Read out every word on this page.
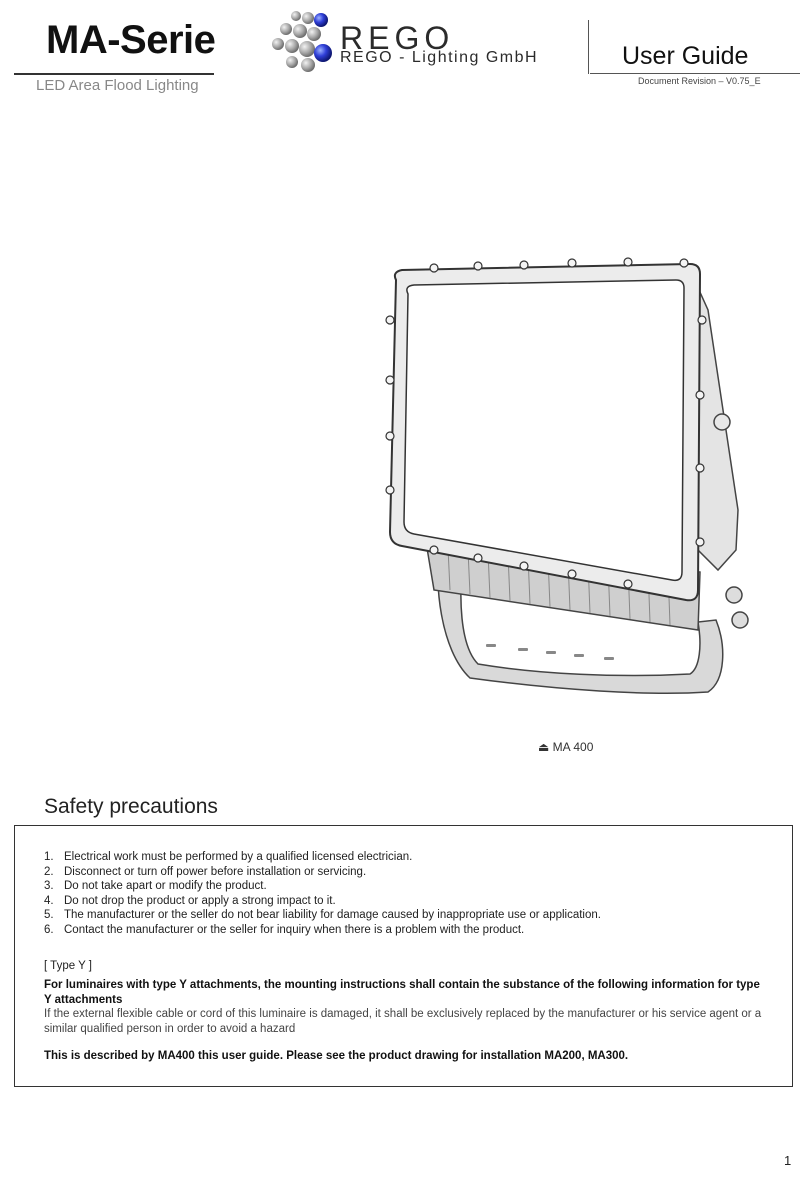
MA-Serie
LED Area Flood Lighting
REGO
REGO - Lighting GmbH	User Guide
Document Revision – V0.75_E
⏏ MA 400
Safety precautions
1. Electrical work must be performed by a qualified licensed electrician.
2. Disconnect or turn off power before installation or servicing.
3. Do not take apart or modify the product.
4. Do not drop the product or apply a strong impact to it.
5. The manufacturer or the seller do not bear liability for damage caused by inappropriate use or application.
6. Contact the manufacturer or the seller for inquiry when there is a problem with the product.
[ Type Y ]
For luminaires with type Y attachments, the mounting instructions shall contain the substance of the following information for type Y attachments
If the external flexible cable or cord of this luminaire is damaged, it shall be exclusively replaced by the manufacturer or his service agent or a similar qualified person in order to avoid a hazard
This is described by MA400 this user guide. Please see the product drawing for installation MA200, MA300.
1
